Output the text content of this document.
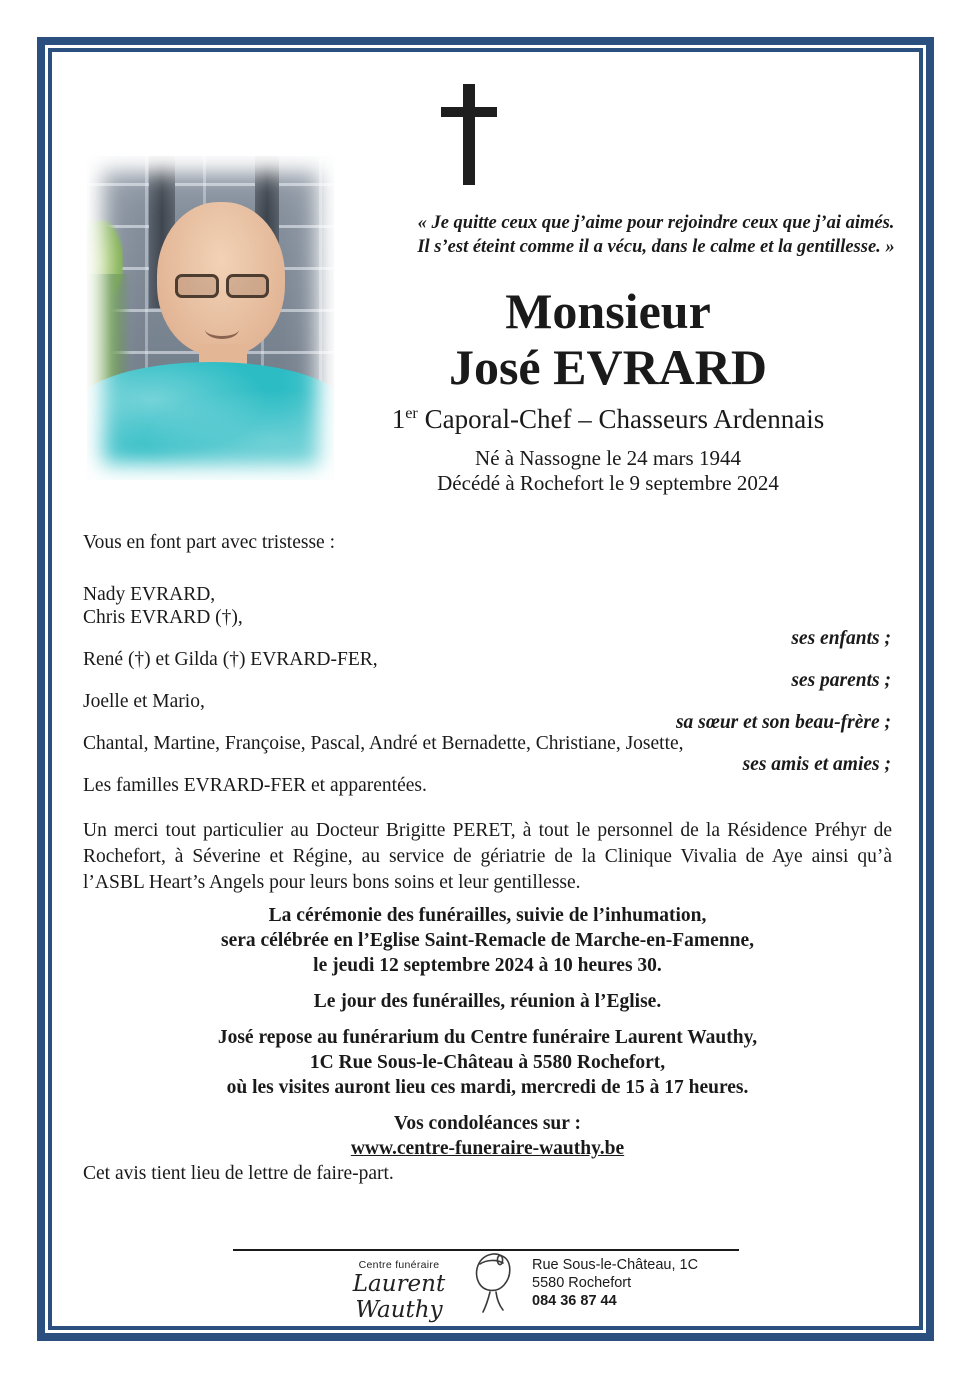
« Je quitte ceux que j’aime pour rejoindre ceux que j’ai aimés.
Il s’est éteint comme il a vécu, dans le calme et la gentillesse. »
Monsieur
José EVRARD
1er Caporal-Chef – Chasseurs Ardennais
Né à Nassogne le 24 mars 1944
Décédé à Rochefort le 9 septembre 2024
Vous en font part avec tristesse :
Nady EVRARD,
Chris EVRARD (†),
ses enfants ;
René (†) et Gilda (†) EVRARD-FER,
ses parents ;
Joelle et Mario,
sa sœur et son beau-frère ;
Chantal, Martine, Françoise, Pascal, André et Bernadette, Christiane, Josette,
ses amis et amies ;
Les familles EVRARD-FER et apparentées.
Un merci tout particulier au Docteur Brigitte PERET, à tout le personnel de la Résidence Préhyr de Rochefort, à Séverine et Régine, au service de gériatrie de la Clinique Vivalia de Aye ainsi qu’à l’ASBL Heart’s Angels pour leurs bons soins et leur gentillesse.
La cérémonie des funérailles, suivie de l’inhumation,
sera célébrée en l’Eglise Saint-Remacle de Marche-en-Famenne,
le jeudi 12 septembre 2024 à 10 heures 30.
Le jour des funérailles, réunion à l’Eglise.
José repose au funérarium du Centre funéraire Laurent Wauthy,
1C Rue Sous-le-Château à 5580 Rochefort,
où les visites auront lieu ces mardi, mercredi de 15 à 17 heures.
Vos condoléances sur :
www.centre-funeraire-wauthy.be
Cet avis tient lieu de lettre de faire-part.
Centre funéraire
Laurent Wauthy
Rue Sous-le-Château, 1C
5580 Rochefort
084 36 87 44
